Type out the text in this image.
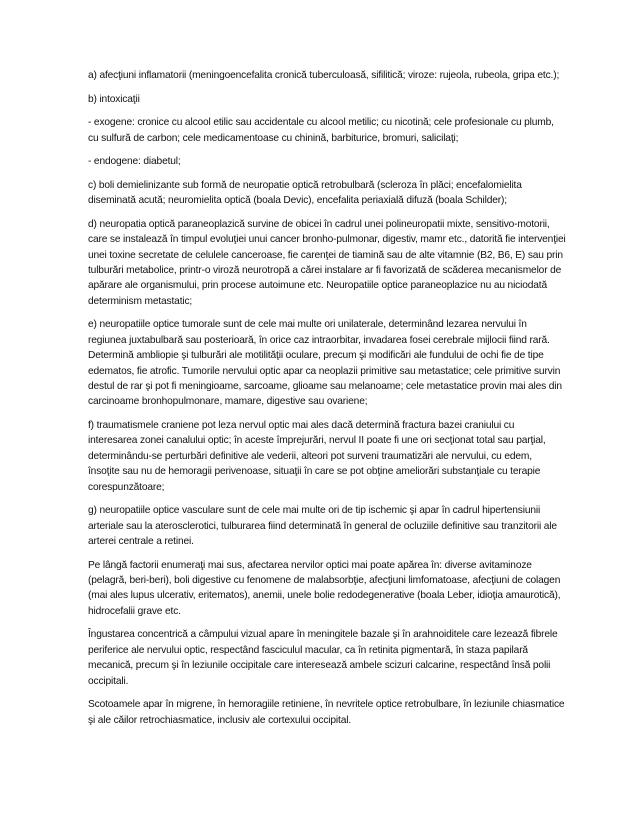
a) afecţiuni inflamatorii (meningoencefalita cronică tuberculoasă, sifilitică; viroze: rujeola, rubeola, gripa etc.);

b) intoxicaţii

- exogene: cronice cu alcool etilic sau accidentale cu alcool metilic; cu nicotină; cele profesionale cu plumb, cu sulfură de carbon; cele medicamentoase cu chinină, barbiturice, bromuri, salicilaţi;

- endogene: diabetul;

c) boli demielinizante sub formă de neuropatie optică retrobulbară (scleroza în plăci; encefalomielita diseminată acută; neuromielita optică (boala Devic), encefalita periaxială difuză (boala Schilder);

d) neuropatia optică paraneoplazică survine de obicei în cadrul unei polineuropatii mixte, sensitivo-motorii, care se instalează în timpul evoluţiei unui cancer bronho-pulmonar, digestiv, mamr etc., datorită fie intervenţiei unei toxine secretate de celulele canceroase, fie carenţei de tiamină sau de alte vitamnie (B2, B6, E) sau prin tulburări metabolice, printr-o viroză neurotropă a cărei instalare ar fi favorizată de scăderea mecanismelor de apărare ale organismului, prin procese autoimune etc. Neuropatiile optice paraneoplazice nu au niciodată determinism metastatic;

e) neuropatiile optice tumorale sunt de cele mai multe ori unilaterale, determinând lezarea nervului în regiunea juxtabulbară sau posterioară, în orice caz intraorbitar, invadarea fosei cerebrale mijlocii fiind rară. Determină ambliopie şi tulburări ale motilităţii oculare, precum şi modificări ale fundului de ochi fie de tipe edematos, fie atrofic. Tumorile nervului optic apar ca neoplazii primitive sau metastatice; cele primitive survin destul de rar şi pot fi meningioame, sarcoame, glioame sau melanoame; cele metastatice provin mai ales din carcinoame bronhopulmonare, mamare, digestive sau ovariene;

f) traumatismele craniene pot leza nervul optic mai ales dacă determină fractura bazei craniului cu interesarea zonei canalului optic; în aceste împrejurări, nervul II poate fi une ori secţionat total sau parţial, determinându-se perturbări definitive ale vederii, alteori pot surveni traumatizări ale nervului, cu edem, însoţite sau nu de hemoragii perivenoase, situaţii în care se pot obţine ameliorări substanţiale cu terapie corespunzătoare;

g) neuropatiile optice vasculare sunt de cele mai multe ori de tip ischemic şi apar în cadrul hipertensiunii arteriale sau la aterosclerotici, tulburarea fiind determinată în general de ocluziile definitive sau tranzitorii ale arterei centrale a retinei.

Pe lângă factorii enumeraţi mai sus, afectarea nervilor optici mai poate apărea în: diverse avitaminoze (pelagră, beri-beri), boli digestive cu fenomene de malabsorbţie, afecţiuni limfomatoase, afecţiuni de colagen (mai ales lupus ulcerativ, eritematos), anemii, unele bolie redodegenerative (boala Leber, idioţia amaurotică), hidrocefalii grave etc.

Îngustarea concentrică a câmpului vizual apare în meningitele bazale şi în arahnoiditele care lezează fibrele periferice ale nervului optic, respectând fasciculul macular, ca în retinita pigmentară, în staza papilară mecanică, precum şi în leziunile occipitale care interesează ambele scizuri calcarine, respectând însă polii occipitali.

Scotoamele apar în migrene, în hemoragiile retiniene, în nevritele optice retrobulbare, în leziunile chiasmatice şi ale căilor retrochiasmatice, inclusiv ale cortexului occipital.
